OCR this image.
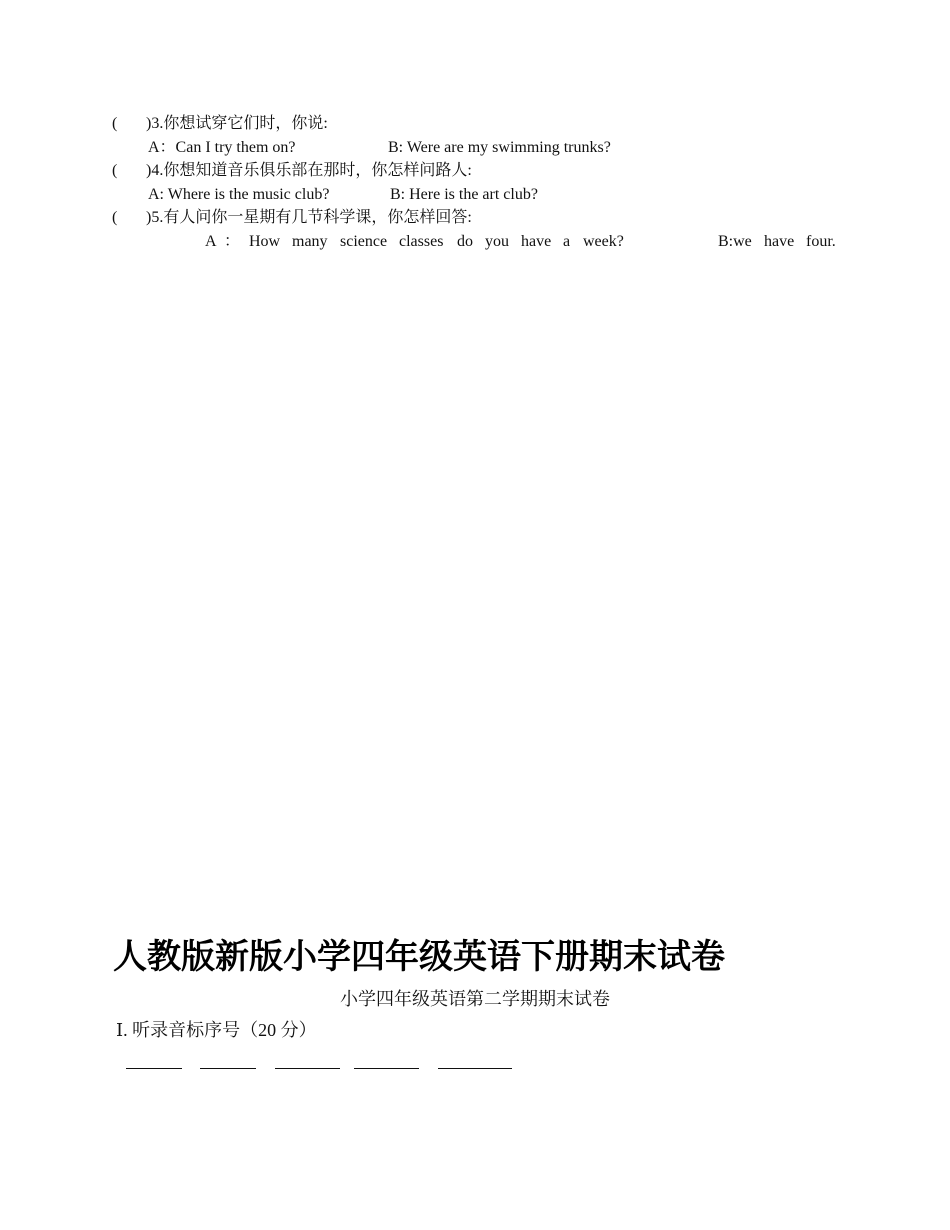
( )3.你想试穿它们时，你说:
A：Can I try them on?	B: Were are my swimming trunks?
( )4.你想知道音乐俱乐部在那时，你怎样问路人:
A: Where is the music club?	B: Here is the art club?
( )5.有人问你一星期有几节科学课，你怎样回答:
A ： How many science classes do you have a week?	B:we have four.
人教版新版小学四年级英语下册期末试卷
小学四年级英语第二学期期末试卷
Ⅰ. 听录音标序号（20 分）
